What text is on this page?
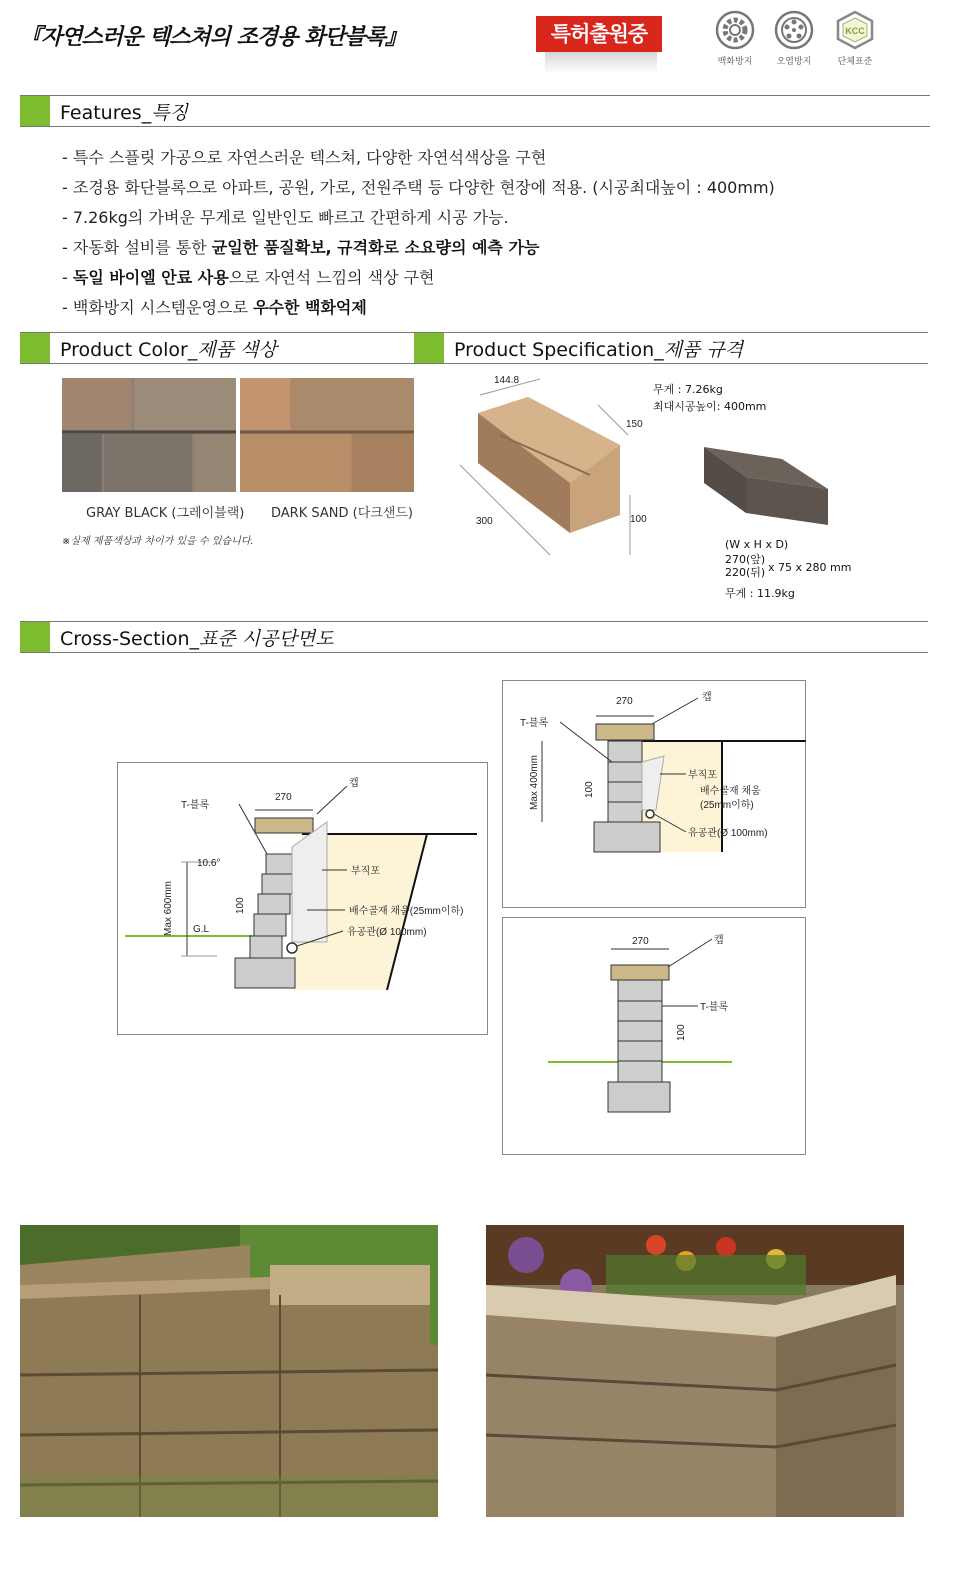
『자연스러운 텍스쳐의 조경용 화단블록』	특허출원중
백화방지	오염방지
KCC
단체표준
Features_특징
- 특수 스플릿 가공으로 자연스러운 텍스쳐, 다양한 자연석색상을 구현
- 조경용 화단블록으로 아파트, 공원, 가로, 전원주택 등 다양한 현장에 적용. (시공최대높이 : 400mm)
- 7.26kg의 가벼운 무게로 일반인도 빠르고 간편하게 시공 가능.
- 자동화 설비를 통한 균일한 품질확보, 규격화로 소요량의 예측 가능
- 독일 바이엘 안료 사용으로 자연석 느낌의 색상 구현
- 백화방지 시스템운영으로 우수한 백화억제
Product Color_제품 색상
GRAY BLACK (그레이블랙) DARK SAND (다크샌드)
※실제 제품색상과 차이가 있을 수 있습니다.
Product Specification_제품 규격
144.8
150
300	100
무게 : 7.26kg
최대시공높이: 400mm
(W x H x D)
270(앞)
220(뒤) x 75 x 280 mm
무게 : 11.9kg
Cross-Section_표준 시공단면도
Max 600mm
270
캡
T-블록
10.6°
G.L
100
부직포
배수골재 채움(25mm이하)
유공관(Ø 100mm)
Max 400mm
270	캡
T-블록
100
부직포
배수골재 채움
(25mm이하)
유공관(Ø 100mm)
270	캡
T-블록
100
